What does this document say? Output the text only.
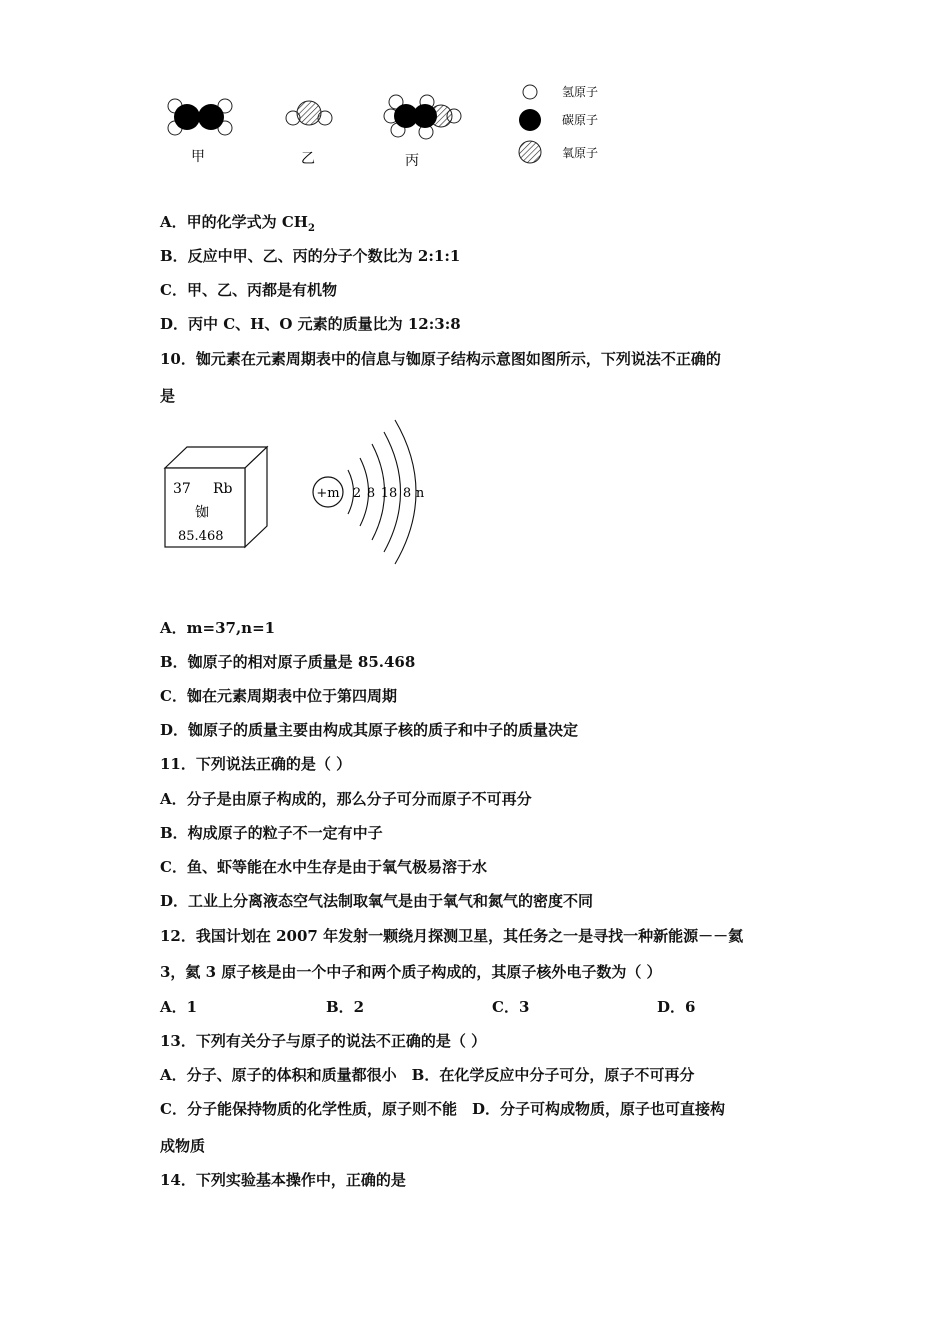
甲	乙	丙
氢原子
碳原子
氧原子
A．甲的化学式为 $CH_2$
B．反应中甲、乙、丙的分子个数比为 2:1:1
C．甲、乙、丙都是有机物
D．丙中 C、H、O 元素的质量比为 12:3:8
10．铷元素在元素周期表中的信息与铷原子结构示意图如图所示，下列说法不正确的
是
37 Rb
铷
85.468
+m 2 8 18 8 n
A．m=37,n=1
B．铷原子的相对原子质量是 85.468
C．铷在元素周期表中位于第四周期
D．铷原子的质量主要由构成其原子核的质子和中子的质量决定
11．下列说法正确的是（ ）
A．分子是由原子构成的，那么分子可分而原子不可再分
B．构成原子的粒子不一定有中子
C．鱼、虾等能在水中生存是由于氧气极易溶于水
D．工业上分离液态空气法制取氧气是由于氧气和氮气的密度不同
12．我国计划在 2007 年发射一颗绕月探测卫星，其任务之一是寻找一种新能源－－氦
3，氦 3 原子核是由一个中子和两个质子构成的，其原子核外电子数为（ ）
A．1	B．2	C．3	D．6
13．下列有关分子与原子的说法不正确的是（ ）
A．分子、原子的体积和质量都很小　B．在化学反应中分子可分，原子不可再分
C．分子能保持物质的化学性质，原子则不能　D．分子可构成物质，原子也可直接构
成物质
14．下列实验基本操作中，正确的是
